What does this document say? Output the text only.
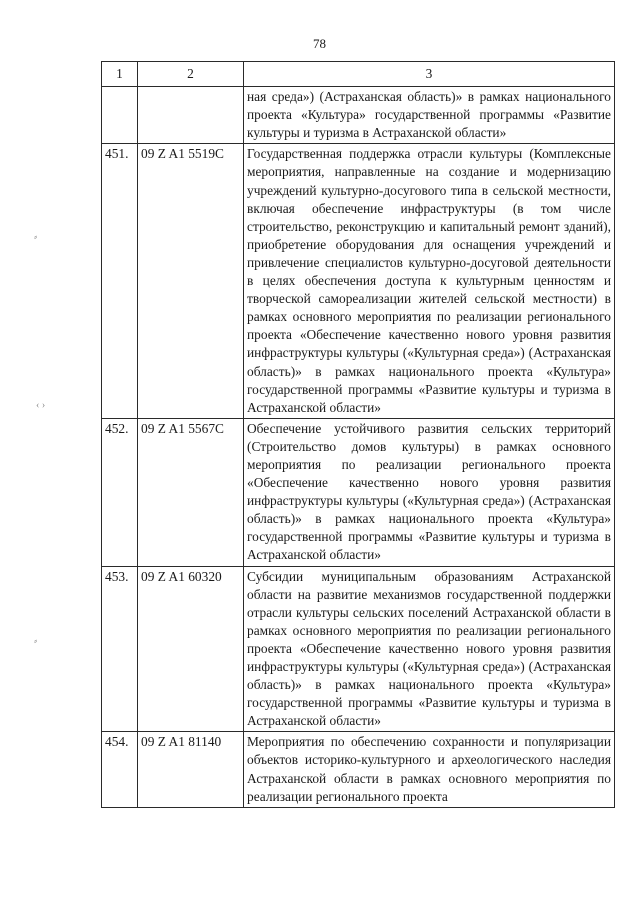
78
⸗
‹ ›
⸗
1	2	3
		ная среда») (Астраханская область)» в рамках национального проекта «Культура» государственной программы «Развитие культуры и туризма в Астраханской области»
451.	09 Z A1 5519С	Государственная поддержка отрасли культуры (Комплексные мероприятия, направленные на создание и модернизацию учреждений культурно-досугового типа в сельской местности, включая обеспечение инфраструктуры (в том числе строительство, реконструкцию и капитальный ремонт зданий), приобретение оборудования для оснащения учреждений и привлечение специалистов культурно-досуговой деятельности в целях обеспечения доступа к культурным ценностям и творческой самореализации жителей сельской местности) в рамках основного мероприятия по реализации регионального проекта «Обеспечение качественно нового уровня развития инфраструктуры культуры («Культурная среда») (Астраханская область)» в рамках национального проекта «Культура» государственной программы «Развитие культуры и туризма в Астраханской области»
452.	09 Z A1 5567С	Обеспечение устойчивого развития сельских территорий (Строительство домов культуры) в рамках основного мероприятия по реализации регионального проекта «Обеспечение качественно нового уровня развития инфраструктуры культуры («Культурная среда») (Астраханская область)» в рамках национального проекта «Культура» государственной программы «Развитие культуры и туризма в Астраханской области»
453.	09 Z A1 60320	Субсидии муниципальным образованиям Астраханской области на развитие механизмов государственной поддержки отрасли культуры сельских поселений Астраханской области в рамках основного мероприятия по реализации регионального проекта «Обеспечение качественно нового уровня развития инфраструктуры культуры («Культурная среда») (Астраханская область)» в рамках национального проекта «Культура» государственной программы «Развитие культуры и туризма в Астраханской области»
454.	09 Z A1 81140	Мероприятия по обеспечению сохранности и популяризации объектов историко-культурного и археологического наследия Астраханской области в рамках основного мероприятия по реализации регионального проекта
